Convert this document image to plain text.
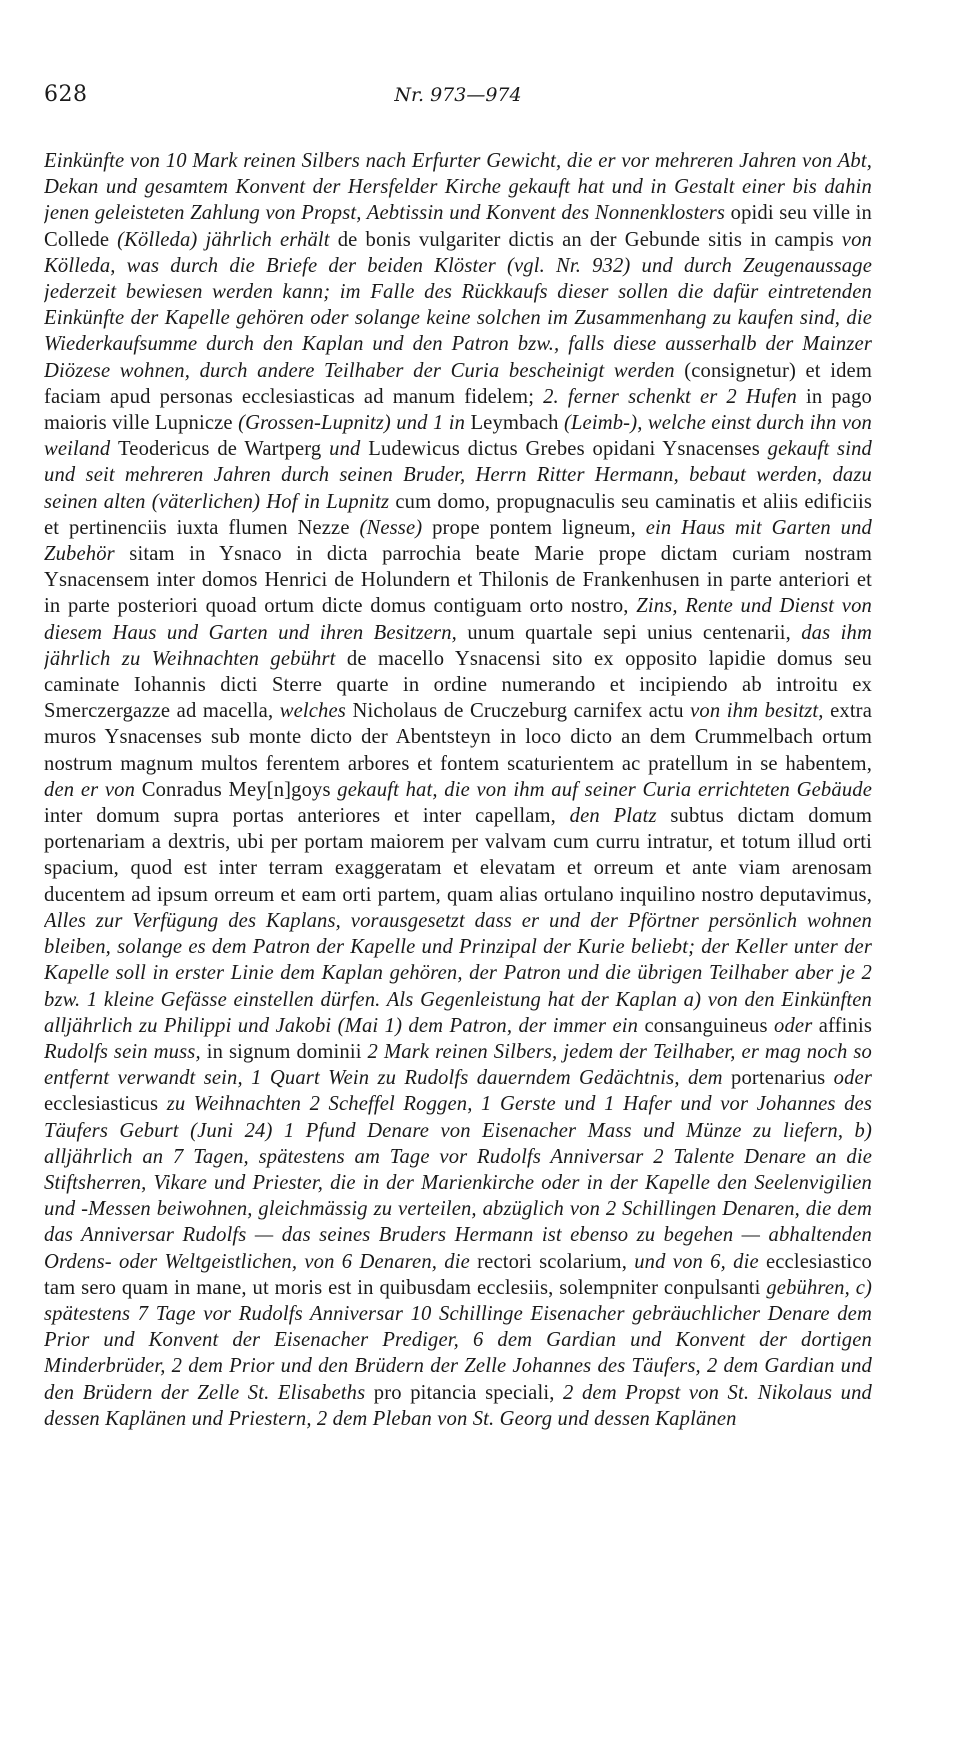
628	Nr. 973—974

Einkünfte von 10 Mark reinen Silbers nach Erfurter Gewicht, die er vor mehreren Jahren von Abt, Dekan und gesamtem Konvent der Hersfelder Kirche gekauft hat und in Gestalt einer bis dahin jenen geleisteten Zahlung von Propst, Aebtissin und Konvent des Nonnenklosters opidi seu ville in Collede (Kölleda) jährlich erhält de bonis vulgariter dictis an der Gebunde sitis in campis von Kölleda, was durch die Briefe der beiden Klöster (vgl. Nr. 932) und durch Zeugenaussage jederzeit bewiesen werden kann; im Falle des Rückkaufs dieser sollen die dafür eintretenden Einkünfte der Kapelle gehören oder solange keine solchen im Zusammenhang zu kaufen sind, die Wiederkaufsumme durch den Kaplan und den Patron bzw., falls diese ausserhalb der Mainzer Diözese wohnen, durch andere Teilhaber der Curia bescheinigt werden (consignetur) et idem faciam apud personas ecclesiasticas ad manum fidelem; 2. ferner schenkt er 2 Hufen in pago maioris ville Lupnicze (Grossen-Lupnitz) und 1 in Leymbach (Leimb-), welche einst durch ihn von weiland Teodericus de Wartperg und Ludewicus dictus Grebes opidani Ysnacenses gekauft sind und seit mehreren Jahren durch seinen Bruder, Herrn Ritter Hermann, bebaut werden, dazu seinen alten (väterlichen) Hof in Lupnitz cum domo, propugnaculis seu caminatis et aliis edificiis et pertinenciis iuxta flumen Nezze (Nesse) prope pontem ligneum, ein Haus mit Garten und Zubehör sitam in Ysnaco in dicta parrochia beate Marie prope dictam curiam nostram Ysnacensem inter domos Henrici de Holundern et Thilonis de Frankenhusen in parte anteriori et in parte posteriori quoad ortum dicte domus contiguam orto nostro, Zins, Rente und Dienst von diesem Haus und Garten und ihren Besitzern, unum quartale sepi unius centenarii, das ihm jährlich zu Weihnachten gebührt de macello Ysnacensi sito ex opposito lapidie domus seu caminate Iohannis dicti Sterre quarte in ordine numerando et incipiendo ab introitu ex Smerczergazze ad macella, welches Nicholaus de Cruczeburg carnifex actu von ihm besitzt, extra muros Ysnacenses sub monte dicto der Abentsteyn in loco dicto an dem Crummelbach ortum nostrum magnum multos ferentem arbores et fontem scaturientem ac pratellum in se habentem, den er von Conradus Mey[n]goys gekauft hat, die von ihm auf seiner Curia errichteten Gebäude inter domum supra portas anteriores et inter capellam, den Platz subtus dictam domum portenariam a dextris, ubi per portam maiorem per valvam cum curru intratur, et totum illud orti spacium, quod est inter terram exaggeratam et elevatam et orreum et ante viam arenosam ducentem ad ipsum orreum et eam orti partem, quam alias ortulano inquilino nostro deputavimus, Alles zur Verfügung des Kaplans, vorausgesetzt dass er und der Pförtner persönlich wohnen bleiben, solange es dem Patron der Kapelle und Prinzipal der Kurie beliebt; der Keller unter der Kapelle soll in erster Linie dem Kaplan gehören, der Patron und die übrigen Teilhaber aber je 2 bzw. 1 kleine Gefässe einstellen dürfen. Als Gegenleistung hat der Kaplan a) von den Einkünften alljährlich zu Philippi und Jakobi (Mai 1) dem Patron, der immer ein consanguineus oder affinis Rudolfs sein muss, in signum dominii 2 Mark reinen Silbers, jedem der Teilhaber, er mag noch so entfernt verwandt sein, 1 Quart Wein zu Rudolfs dauerndem Gedächtnis, dem portenarius oder ecclesiasticus zu Weihnachten 2 Scheffel Roggen, 1 Gerste und 1 Hafer und vor Johannes des Täufers Geburt (Juni 24) 1 Pfund Denare von Eisenacher Mass und Münze zu liefern, b) alljährlich an 7 Tagen, spätestens am Tage vor Rudolfs Anniversar 2 Talente Denare an die Stiftsherren, Vikare und Priester, die in der Marienkirche oder in der Kapelle den Seelenvigilien und -Messen beiwohnen, gleichmässig zu verteilen, abzüglich von 2 Schillingen Denaren, die dem das Anniversar Rudolfs — das seines Bruders Hermann ist ebenso zu begehen — abhaltenden Ordens- oder Weltgeistlichen, von 6 Denaren, die rectori scolarium, und von 6, die ecclesiastico tam sero quam in mane, ut moris est in quibusdam ecclesiis, solempniter conpulsanti gebühren, c) spätestens 7 Tage vor Rudolfs Anniversar 10 Schillinge Eisenacher gebräuchlicher Denare dem Prior und Konvent der Eisenacher Prediger, 6 dem Gardian und Konvent der dortigen Minderbrüder, 2 dem Prior und den Brüdern der Zelle Johannes des Täufers, 2 dem Gardian und den Brüdern der Zelle St. Elisabeths pro pitancia speciali, 2 dem Propst von St. Nikolaus und dessen Kaplänen und Priestern, 2 dem Pleban von St. Georg und dessen Kaplänen
